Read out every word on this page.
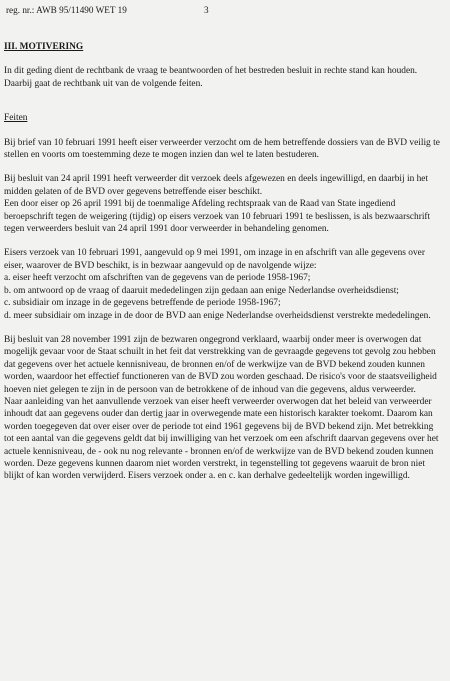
reg. nr.: AWB 95/11490 WET 19	3
III. MOTIVERING

In dit geding dient de rechtbank de vraag te beantwoorden of het bestreden besluit in rechte stand kan houden. Daarbij gaat de rechtbank uit van de volgende feiten.

Feiten

Bij brief van 10 februari 1991 heeft eiser verweerder verzocht om de hem betreffende dossiers van de BVD veilig te stellen en voorts om toestemming deze te mogen inzien dan wel te laten bestuderen.

Bij besluit van 24 april 1991 heeft verweerder dit verzoek deels afgewezen en deels ingewilligd, en daarbij in het midden gelaten of de BVD over gegevens betreffende eiser beschikt.

Een door eiser op 26 april 1991 bij de toenmalige Afdeling rechtspraak van de Raad van State ingediend beroepschrift tegen de weigering (tijdig) op eisers verzoek van 10 februari 1991 te beslissen, is als bezwaarschrift tegen verweerders besluit van 24 april 1991 door verweerder in behandeling genomen.

Eisers verzoek van 10 februari 1991, aangevuld op 9 mei 1991, om inzage in en afschrift van alle gegevens over eiser, waarover de BVD beschikt, is in bezwaar aangevuld op de navolgende wijze:

a. eiser heeft verzocht om afschriften van de gegevens van de periode 1958-1967;
b. om antwoord op de vraag of daaruit mededelingen zijn gedaan aan enige Nederlandse overheidsdienst;
c. subsidiair om inzage in de gegevens betreffende de periode 1958-1967;
d. meer subsidiair om inzage in de door de BVD aan enige Nederlandse overheidsdienst verstrekte mededelingen.

Bij besluit van 28 november 1991 zijn de bezwaren ongegrond verklaard, waarbij onder meer is overwogen dat mogelijk gevaar voor de Staat schuilt in het feit dat verstrekking van de gevraagde gegevens tot gevolg zou hebben dat gegevens over het actuele kennisniveau, de bronnen en/of de werkwijze van de BVD bekend zouden kunnen worden, waardoor het effectief functioneren van de BVD zou worden geschaad. De risico's voor de staatsveiligheid hoeven niet gelegen te zijn in de persoon van de betrokkene of de inhoud van die gegevens, aldus verweerder.

Naar aanleiding van het aanvullende verzoek van eiser heeft verweerder overwogen dat het beleid van verweerder inhoudt dat aan gegevens ouder dan dertig jaar in overwegende mate een historisch karakter toekomt. Daarom kan worden toegegeven dat over eiser over de periode tot eind 1961 gegevens bij de BVD bekend zijn. Met betrekking tot een aantal van die gegevens geldt dat bij inwilliging van het verzoek om een afschrift daarvan gegevens over het actuele kennisniveau, de - ook nu nog relevante - bronnen en/of de werkwijze van de BVD bekend zouden kunnen worden. Deze gegevens kunnen daarom niet worden verstrekt, in tegenstelling tot gegevens waaruit de bron niet blijkt of kan worden verwijderd. Eisers verzoek onder a. en c. kan derhalve gedeeltelijk worden ingewilligd.
